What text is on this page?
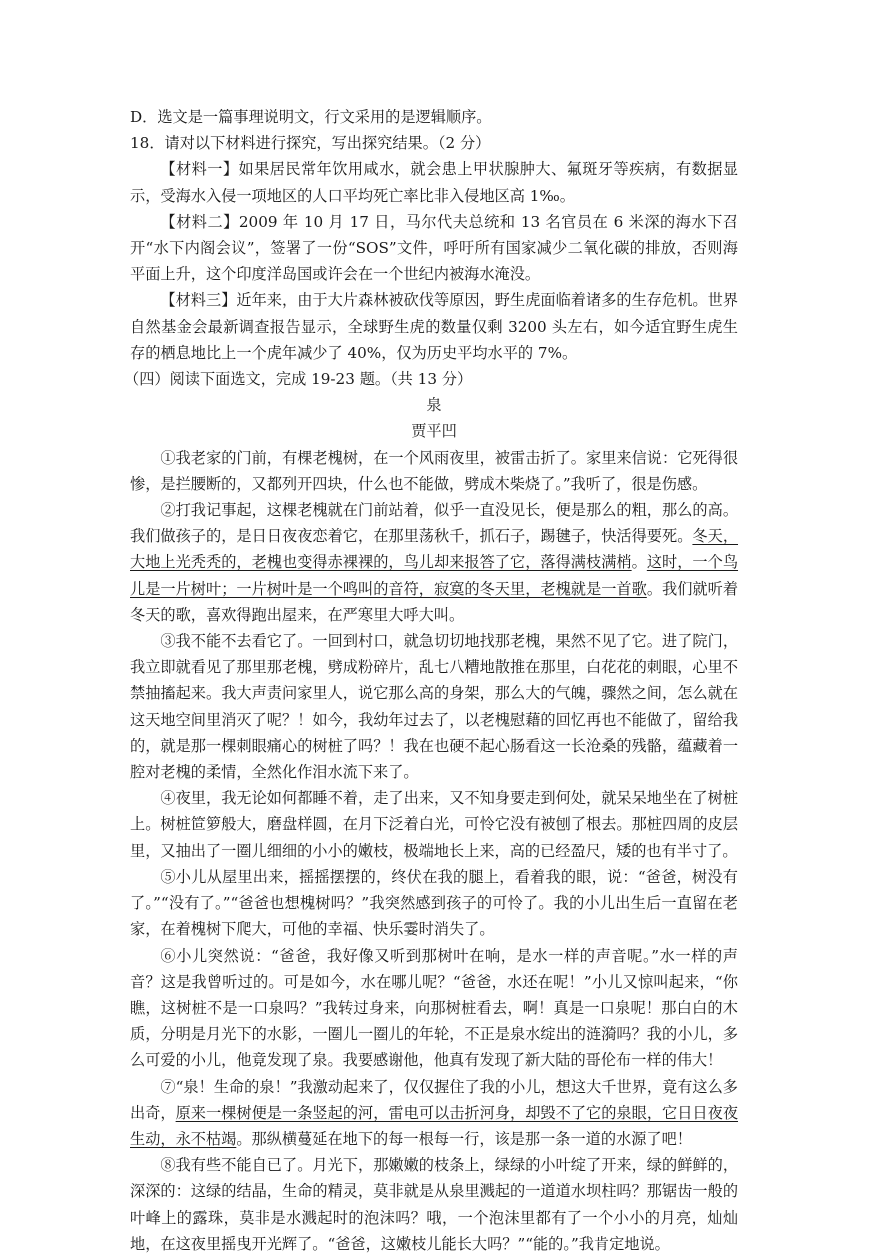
D．选文是一篇事理说明文，行文采用的是逻辑顺序。

18．请对以下材料进行探究，写出探究结果。（2 分）

【材料一】如果居民常年饮用咸水，就会患上甲状腺肿大、氟斑牙等疾病，有数据显示，受海水入侵一项地区的人口平均死亡率比非入侵地区高 1‰。

【材料二】2009 年 10 月 17 日，马尔代夫总统和 13 名官员在 6 米深的海水下召开“水下内阁会议”，签署了一份“SOS”文件，呼吁所有国家减少二氧化碳的排放，否则海平面上升，这个印度洋岛国或许会在一个世纪内被海水淹没。

【材料三】近年来，由于大片森林被砍伐等原因，野生虎面临着诸多的生存危机。世界自然基金会最新调查报告显示，全球野生虎的数量仅剩 3200 头左右，如今适宜野生虎生存的栖息地比上一个虎年减少了 40%，仅为历史平均水平的 7%。

（四）阅读下面选文，完成 19-23 题。（共 13 分）

泉

贾平凹

①我老家的门前，有棵老槐树，在一个风雨夜里，被雷击折了。家里来信说：它死得很惨，是拦腰断的，又都列开四块，什么也不能做，劈成木柴烧了。”我听了，很是伤感。

②打我记事起，这棵老槐就在门前站着，似乎一直没见长，便是那么的粗，那么的高。我们做孩子的，是日日夜夜恋着它，在那里荡秋千，抓石子，踢毽子，快活得要死。冬天，大地上光秃秃的，老槐也变得赤裸裸的，鸟儿却来报答了它，落得满枝满梢。这时，一个鸟儿是一片树叶；一片树叶是一个鸣叫的音符，寂寞的冬天里，老槐就是一首歌。我们就听着冬天的歌，喜欢得跑出屋来，在严寒里大呼大叫。

③我不能不去看它了。一回到村口，就急切切地找那老槐，果然不见了它。进了院门，我立即就看见了那里那老槐，劈成粉碎片，乱七八糟地散推在那里，白花花的刺眼，心里不禁抽搐起来。我大声责问家里人，说它那么高的身架，那么大的气魄，骤然之间，怎么就在这天地空间里消灭了呢？！如今，我幼年过去了，以老槐慰藉的回忆再也不能做了，留给我的，就是那一棵刺眼痛心的树桩了吗？！我在也硬不起心肠看这一长沧桑的残骼，蕴藏着一腔对老槐的柔情，全然化作泪水流下来了。

④夜里，我无论如何都睡不着，走了出来，又不知身要走到何处，就呆呆地坐在了树桩上。树桩笸箩般大，磨盘样圆，在月下泛着白光，可怜它没有被刨了根去。那桩四周的皮层里，又抽出了一圈儿细细的小小的嫩枝，极端地长上来，高的已经盈尺，矮的也有半寸了。

⑤小儿从屋里出来，摇摇摆摆的，终伏在我的腿上，看着我的眼，说：“爸爸，树没有了。”“没有了。”“爸爸也想槐树吗？”我突然感到孩子的可怜了。我的小儿出生后一直留在老家，在着槐树下爬大，可他的幸福、快乐霎时消失了。

⑥小儿突然说：“爸爸，我好像又听到那树叶在响，是水一样的声音呢。”水一样的声音？这是我曾听过的。可是如今，水在哪儿呢？“爸爸，水还在呢！”小儿又惊叫起来，“你瞧，这树桩不是一口泉吗？”我转过身来，向那树桩看去，啊！真是一口泉呢！那白白的木质，分明是月光下的水影，一圈儿一圈儿的年轮，不正是泉水绽出的涟漪吗？我的小儿，多么可爱的小儿，他竟发现了泉。我要感谢他，他真有发现了新大陆的哥伦布一样的伟大！

⑦“泉！生命的泉！”我激动起来了，仅仅握住了我的小儿，想这大千世界，竟有这么多出奇，原来一棵树便是一条竖起的河，雷电可以击折河身，却毁不了它的泉眼，它日日夜夜生动，永不枯竭。那纵横蔓延在地下的每一根每一行，该是那一条一道的水源了吧！

⑧我有些不能自已了。月光下，那嫩嫩的枝条上，绿绿的小叶绽了开来，绿的鲜鲜的，深深的：这绿的结晶，生命的精灵，莫非就是从泉里溅起的一道道水坝柱吗？那锯齿一般的叶峰上的露珠，莫非是水溅起时的泡沫吗？哦，一个泡沫里都有了一个小小的月亮，灿灿地，在这夜里摇曳开光辉了。“爸爸，这嫩枝儿能长大吗？”“能的。”我肯定地说。
